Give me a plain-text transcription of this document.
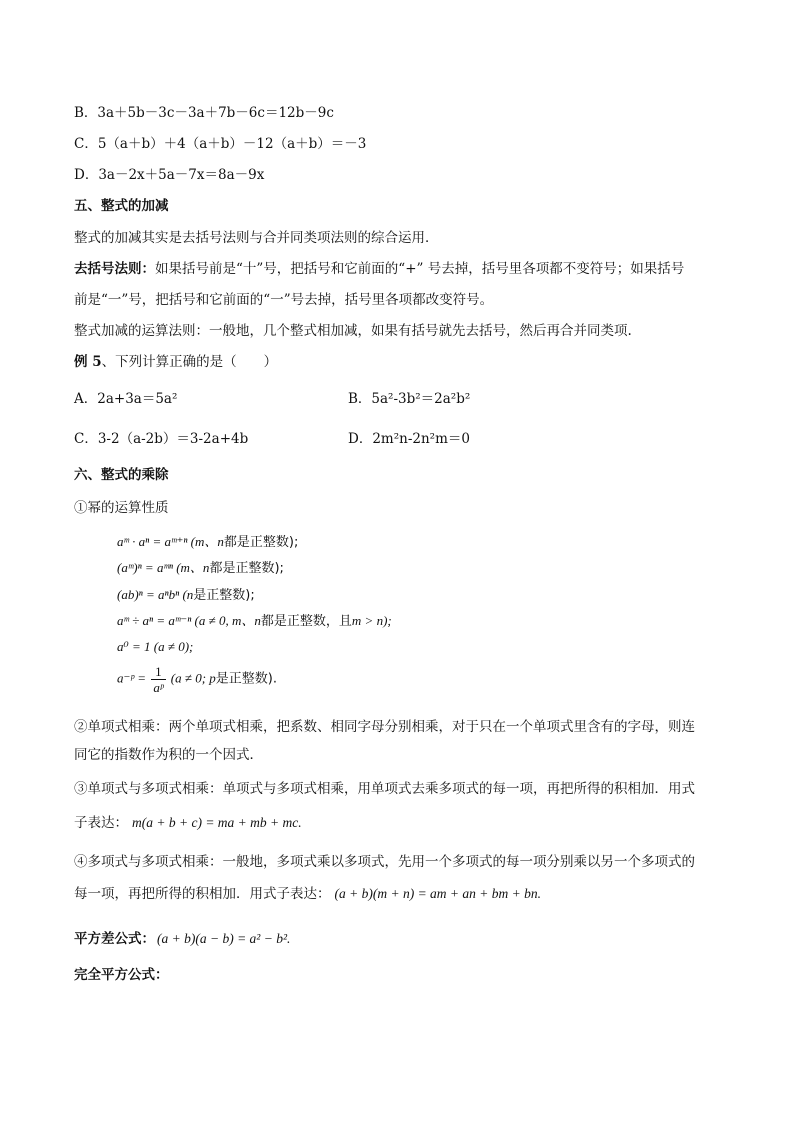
B．3a＋5b－3c－3a＋7b－6c＝12b－9c
C．5（a＋b）＋4（a＋b）－12（a＋b）＝－3
D．3a－2x＋5a－7x＝8a－9x
五、整式的加减
整式的加减其实是去括号法则与合并同类项法则的综合运用．
去括号法则：如果括号前是“十”号，把括号和它前面的“+” 号去掉，括号里各项都不变符号；如果括号
前是“一”号，把括号和它前面的“一”号去掉，括号里各项都改变符号。
整式加减的运算法则：一般地，几个整式相加减，如果有括号就先去括号，然后再合并同类项.
例 5、下列计算正确的是（　　）
A．2a+3a＝5a²	B．5a²-3b²＝2a²b²
C．3-2（a-2b）＝3-2a+4b	D．2m²n-2n²m＝0
六、整式的乘除
①幂的运算性质
aᵐ · aⁿ = aᵐ⁺ⁿ (m、n都是正整数);
(aᵐ)ⁿ = aᵐⁿ (m、n都是正整数);
(ab)ⁿ = aⁿbⁿ (n是正整数);
aᵐ ÷ aⁿ = aᵐ⁻ⁿ (a ≠ 0, m、n都是正整数，且m > n);
a⁰ = 1 (a ≠ 0);
a⁻ᵖ = $\frac{1}{\text{aᵖ}} (a \ne 0$; p是正整数).
②单项式相乘：两个单项式相乘，把系数、相同字母分别相乘，对于只在一个单项式里含有的字母，则连
同它的指数作为积的一个因式．
③单项式与多项式相乘：单项式与多项式相乘，用单项式去乘多项式的每一项，再把所得的积相加．用式
子表达： m(a + b + c) = ma + mb + mc.
④多项式与多项式相乘：一般地，多项式乘以多项式，先用一个多项式的每一项分别乘以另一个多项式的
每一项，再把所得的积相加．用式子表达： (a + b)(m + n) = am + an + bm + bn.
平方差公式： (a + b)(a − b) = a² − b².
完全平方公式：
